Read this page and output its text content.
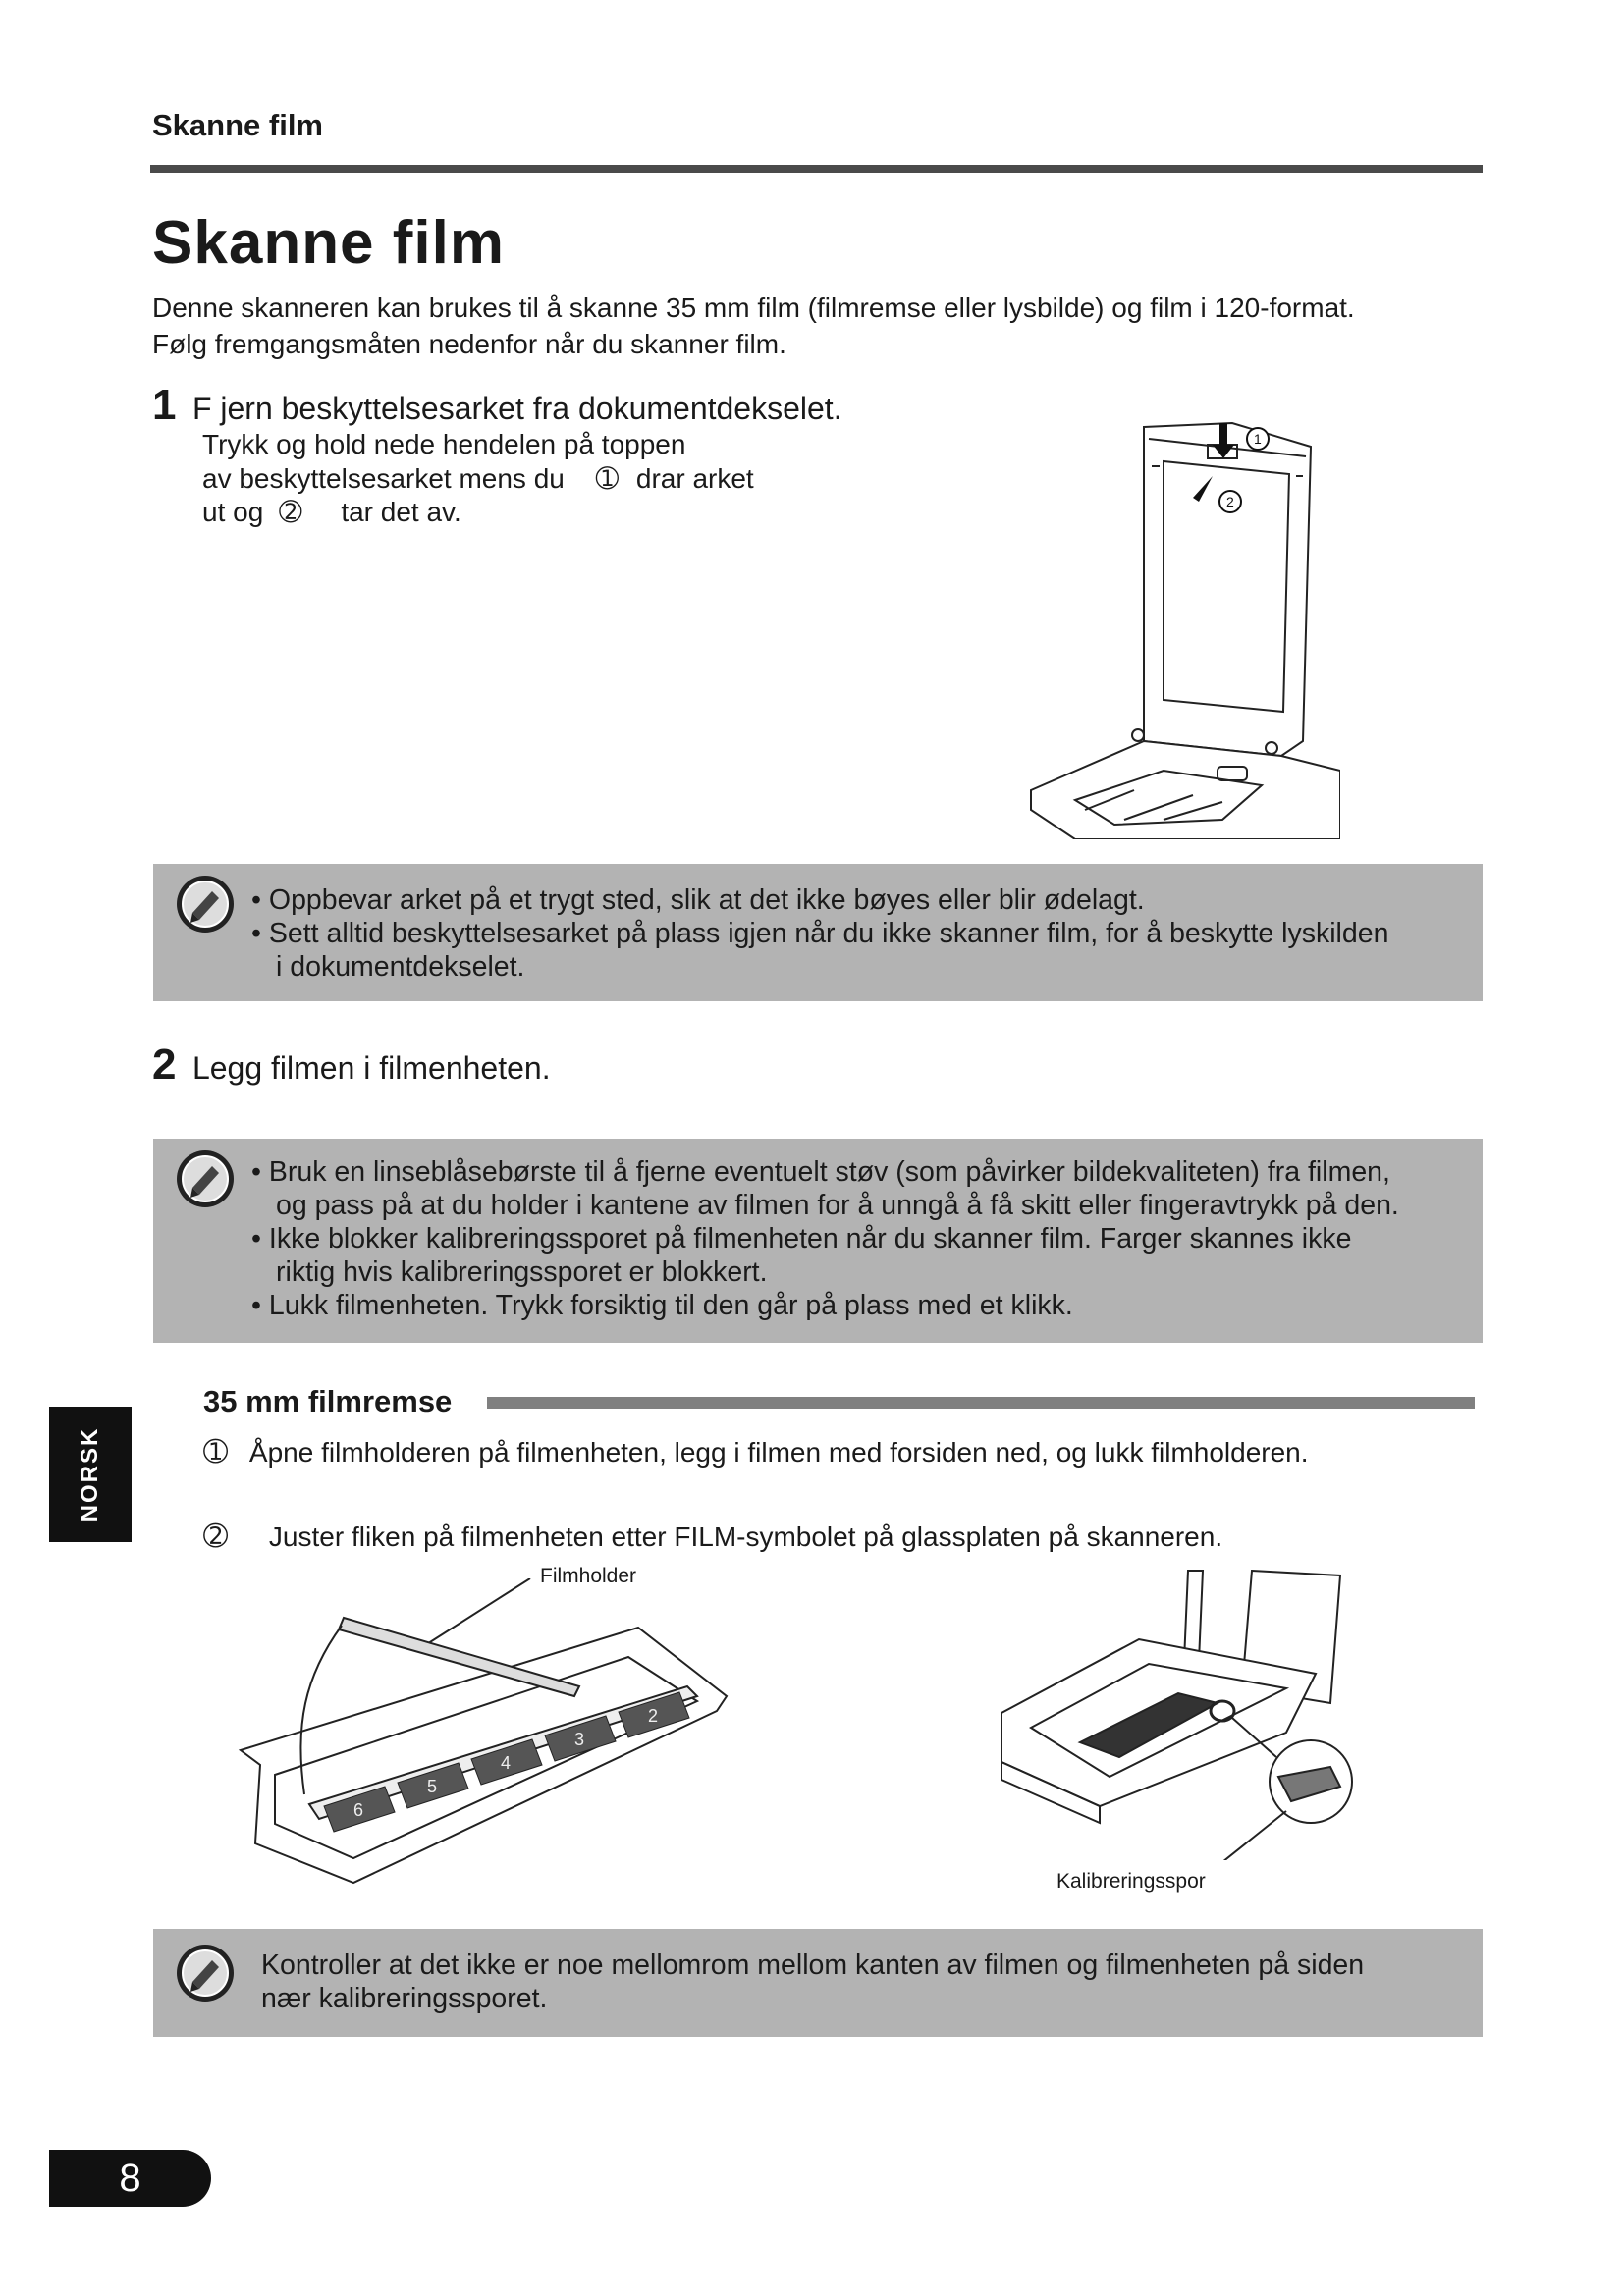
Skanne film
Skanne film
Denne skanneren kan brukes til å skanne 35 mm film (filmremse eller lysbilde) og film i 120-format.
Følg fremgangsmåten nedenfor når du skanner film.
1 F jern beskyttelsesarket fra dokumentdekselet.
Trykk og hold nede hendelen på toppen
av beskyttelsesarket mens du ➀ drar arket
ut og ➁ tar det av.
1
2
• Oppbevar arket på et trygt sted, slik at det ikke bøyes eller blir ødelagt.
• Sett alltid beskyttelsesarket på plass igjen når du ikke skanner film, for å beskytte lyskilden
i dokumentdekselet.
2 Legg filmen i filmenheten.
• Bruk en linseblåsebørste til å fjerne eventuelt støv (som påvirker bildekvaliteten) fra filmen,
og pass på at du holder i kantene av filmen for å unngå å få skitt eller fingeravtrykk på den.
• Ikke blokker kalibreringssporet på filmenheten når du skanner film. Farger skannes ikke
riktig hvis kalibreringssporet er blokkert.
• Lukk filmenheten. Trykk forsiktig til den går på plass med et klikk.
NORSK
35 mm filmremse
➀ Åpne filmholderen på filmenheten, legg i filmen med forsiden ned, og lukk filmholderen.
➁ Juster fliken på filmenheten etter FILM-symbolet på glassplaten på skanneren.
Filmholder
6
5
4
3
2
Kalibreringsspor
Kontroller at det ikke er noe mellomrom mellom kanten av filmen og filmenheten på siden
nær kalibreringssporet.
8
